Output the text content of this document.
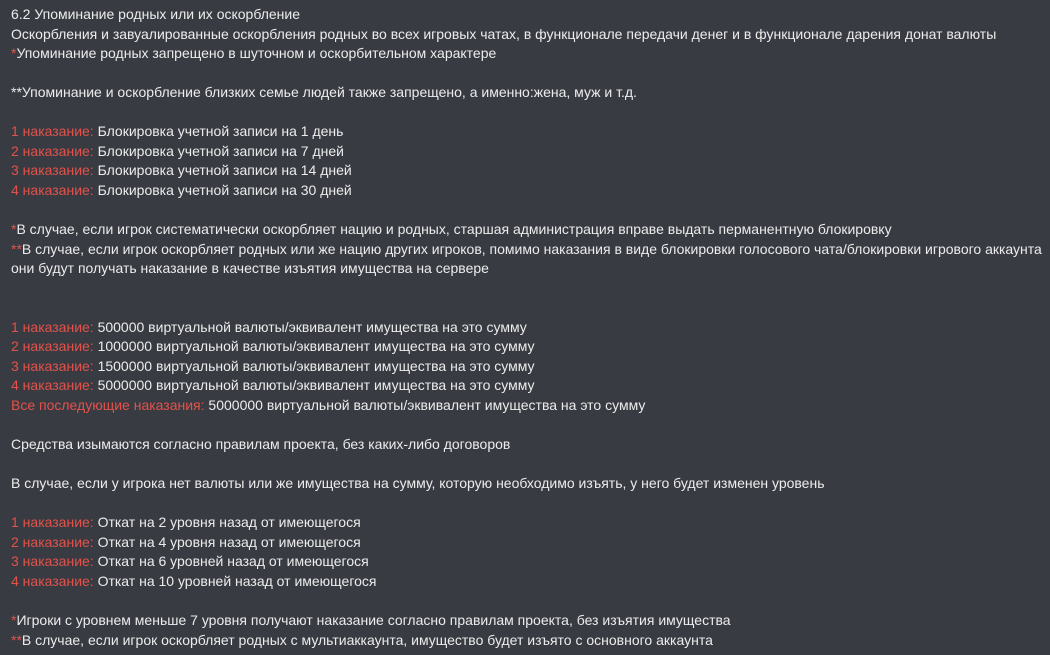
6.2 Упоминание родных или их оскорбление
Оскорбления и завуалированные оскорбления родных во всех игровых чатах, в функционале передачи денег и в функционале дарения донат валюты
*Упоминание родных запрещено в шуточном и оскорбительном характере
**Упоминание и оскорбление близких семье людей также запрещено, а именно:жена, муж и т.д.
1 наказание: Блокировка учетной записи на 1 день
2 наказание: Блокировка учетной записи на 7 дней
3 наказание: Блокировка учетной записи на 14 дней
4 наказание: Блокировка учетной записи на 30 дней
*В случае, если игрок систематически оскорбляет нацию и родных, старшая администрация вправе выдать перманентную блокировку
**В случае, если игрок оскорбляет родных или же нацию других игроков, помимо наказания в виде блокировки голосового чата/блокировки игрового аккаунта они будут получать наказание в качестве изъятия имущества на сервере
1 наказание: 500000 виртуальной валюты/эквивалент имущества на это сумму
2 наказание: 1000000 виртуальной валюты/эквивалент имущества на это сумму
3 наказание: 1500000 виртуальной валюты/эквивалент имущества на это сумму
4 наказание: 5000000 виртуальной валюты/эквивалент имущества на это сумму
Все последующие наказания: 5000000 виртуальной валюты/эквивалент имущества на это сумму
Средства изымаются согласно правилам проекта, без каких-либо договоров
В случае, если у игрока нет валюты или же имущества на сумму, которую необходимо изъять, у него будет изменен уровень
1 наказание: Откат на 2 уровня назад от имеющегося
2 наказание: Откат на 4 уровня назад от имеющегося
3 наказание: Откат на 6 уровней назад от имеющегося
4 наказание: Откат на 10 уровней назад от имеющегося
*Игроки с уровнем меньше 7 уровня получают наказание согласно правилам проекта, без изъятия имущества
**В случае, если игрок оскорбляет родных с мультиаккаунта, имущество будет изъято с основного аккаунта
